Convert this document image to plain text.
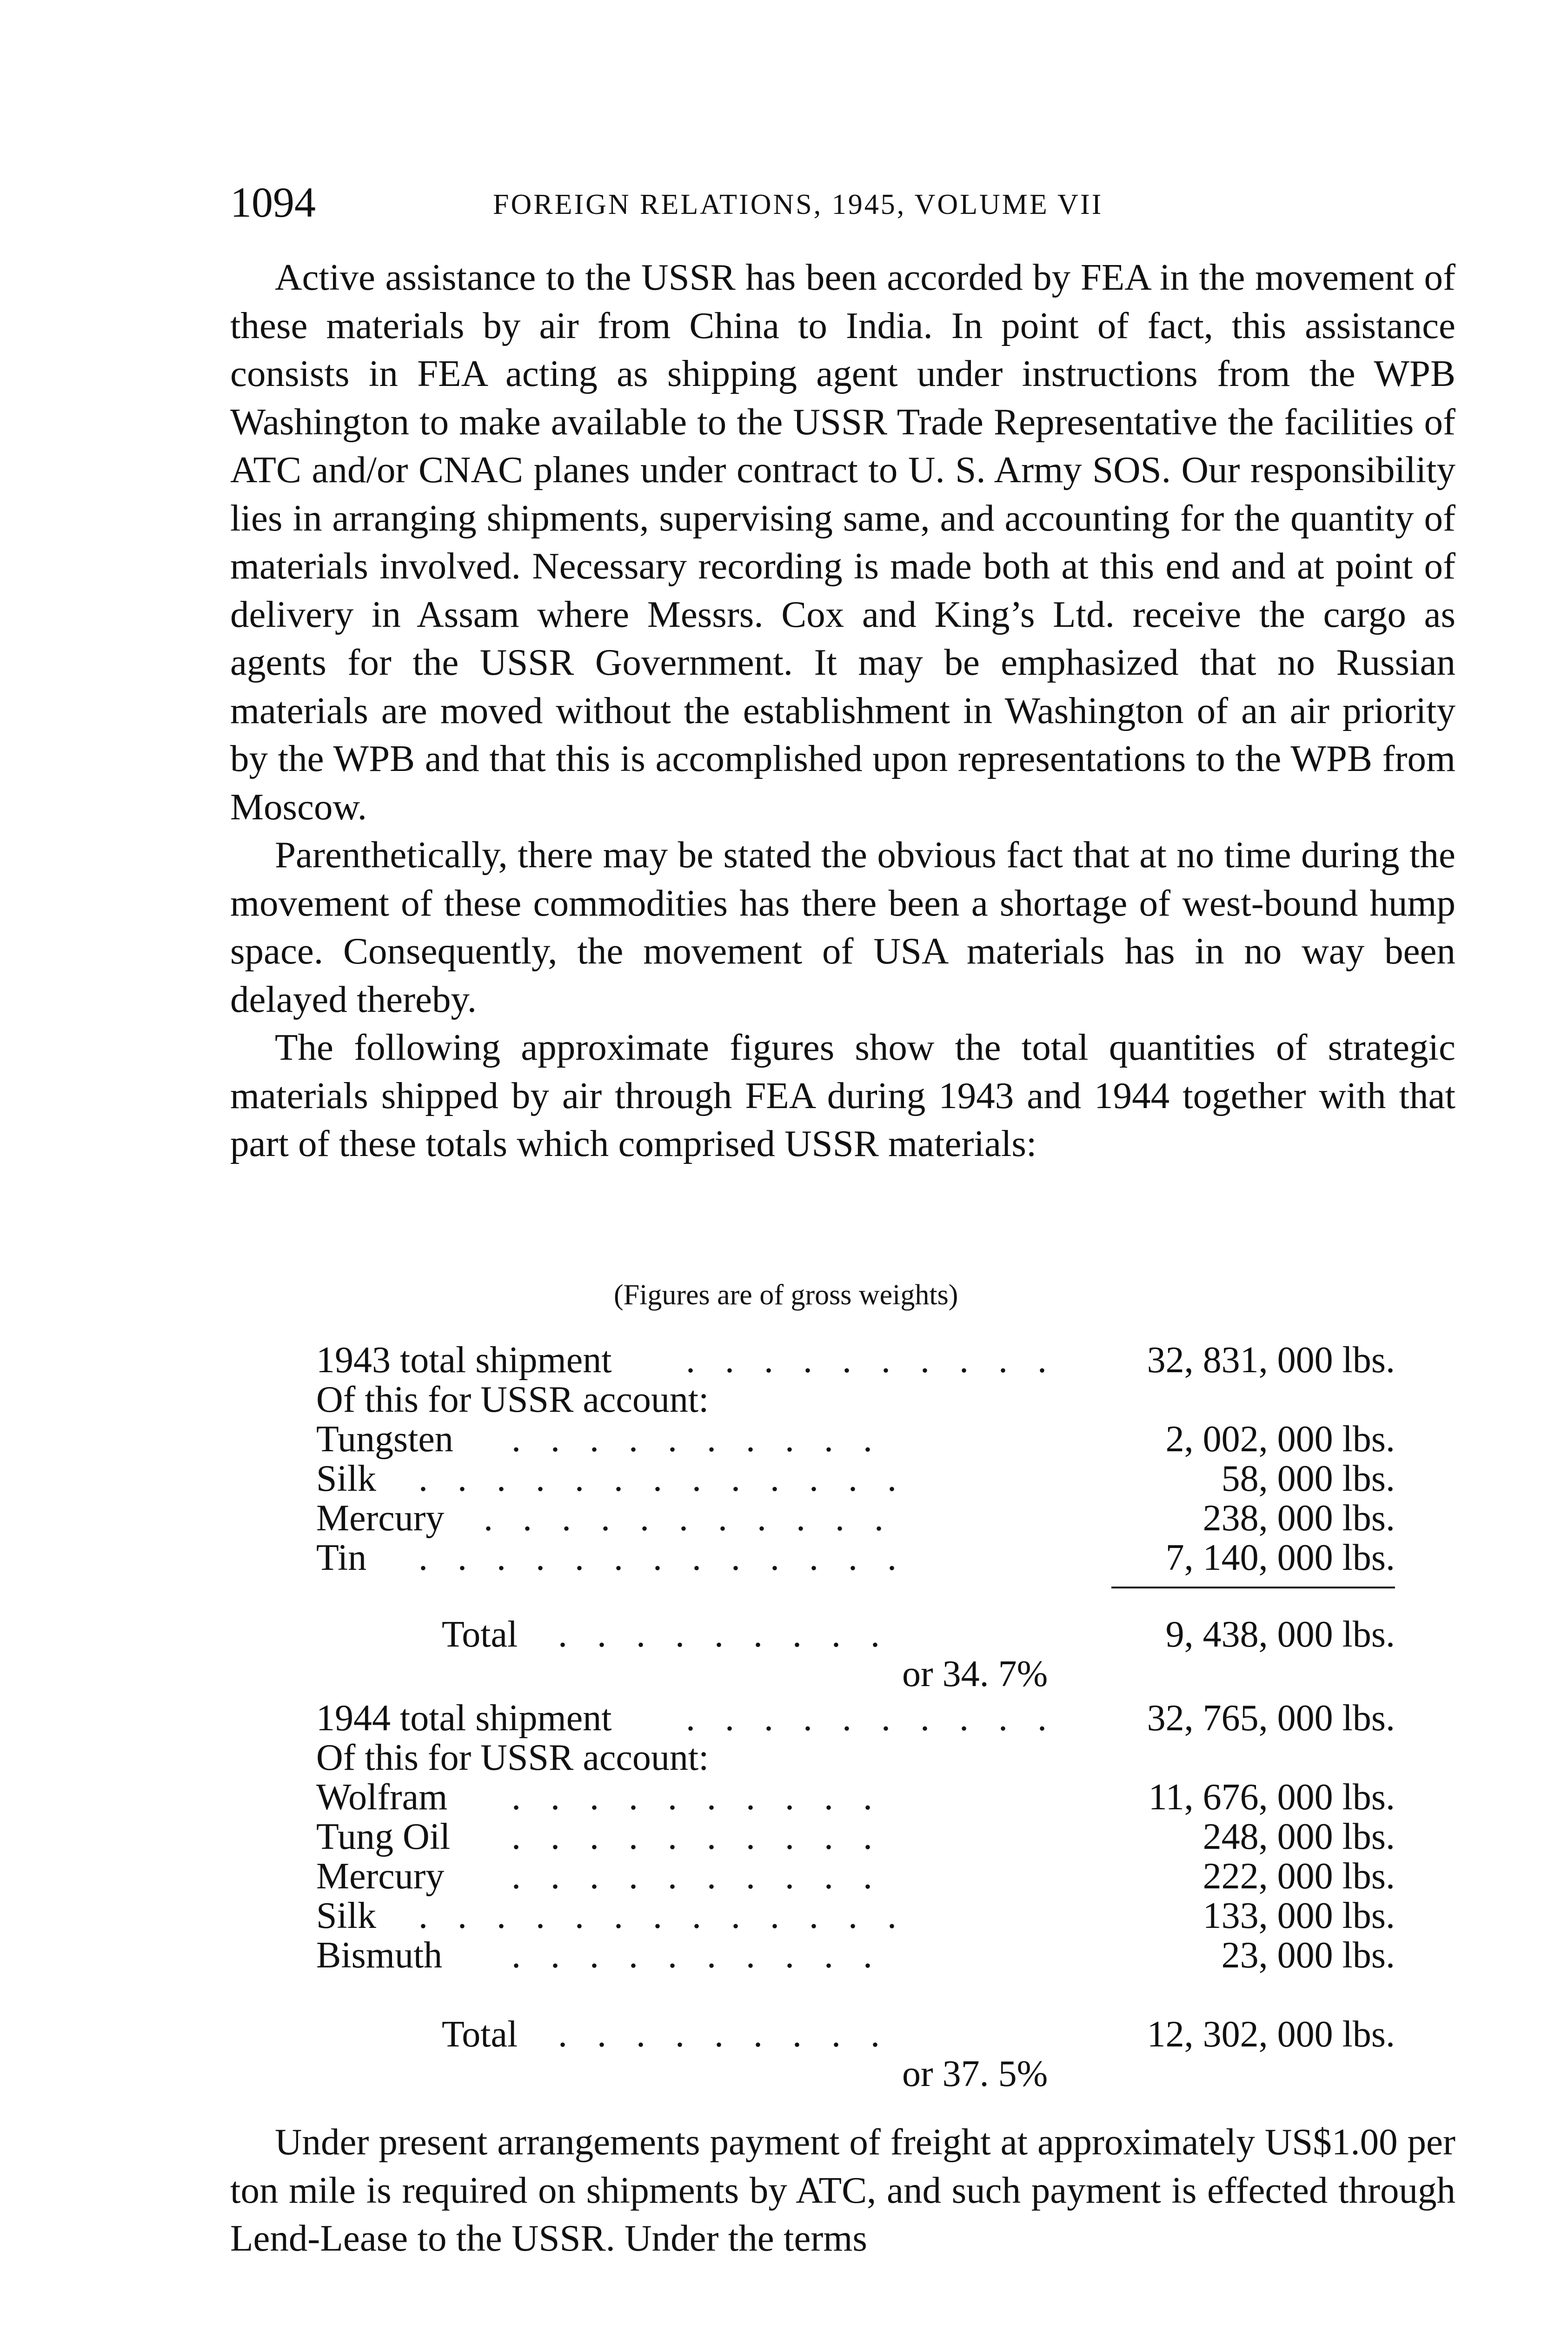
1094	FOREIGN RELATIONS, 1945, VOLUME VII

Active assistance to the USSR has been accorded by FEA in the movement of these materials by air from China to India. In point of fact, this assistance consists in FEA acting as shipping agent under instructions from the WPB Washington to make available to the USSR Trade Representative the facilities of ATC and/or CNAC planes under contract to U. S. Army SOS. Our responsibility lies in arranging shipments, supervising same, and accounting for the quantity of materials involved. Necessary recording is made both at this end and at point of delivery in Assam where Messrs. Cox and King’s Ltd. receive the cargo as agents for the USSR Government. It may be emphasized that no Russian materials are moved without the establishment in Washington of an air priority by the WPB and that this is accomplished upon representations to the WPB from Moscow.

Parenthetically, there may be stated the obvious fact that at no time during the movement of these commodities has there been a shortage of west-bound hump space. Consequently, the movement of USA materials has in no way been delayed thereby.

The following approximate figures show the total quantities of strategic materials shipped by air through FEA during 1943 and 1944 together with that part of these totals which comprised USSR materials:

(Figures are of gross weights)
1943 total shipment . . . . . . . . . . 32, 831, 000 lbs.
Of this for USSR account:
Tungsten . . . . . . . . . .	2, 002, 000 lbs.
Silk . . . . . . . . . . . . .	58, 000 lbs.
Mercury . . . . . . . . . . .	238, 000 lbs.
Tin . . . . . . . . . . . . .	7, 140, 000 lbs.
Total . . . . . . . . .	9, 438, 000 lbs.
or 34. 7%
1944 total shipment . . . . . . . . . . 32, 765, 000 lbs.
Of this for USSR account:
Wolfram . . . . . . . . . .	11, 676, 000 lbs.
Tung Oil . . . . . . . . . .	248, 000 lbs.
Mercury . . . . . . . . . .	222, 000 lbs.
Silk . . . . . . . . . . . . .	133, 000 lbs.
Bismuth . . . . . . . . . .	23, 000 lbs.
Total . . . . . . . . .	12, 302, 000 lbs.
or 37. 5%

Under present arrangements payment of freight at approximately US$1.00 per ton mile is required on shipments by ATC, and such payment is effected through Lend-Lease to the USSR. Under the terms
